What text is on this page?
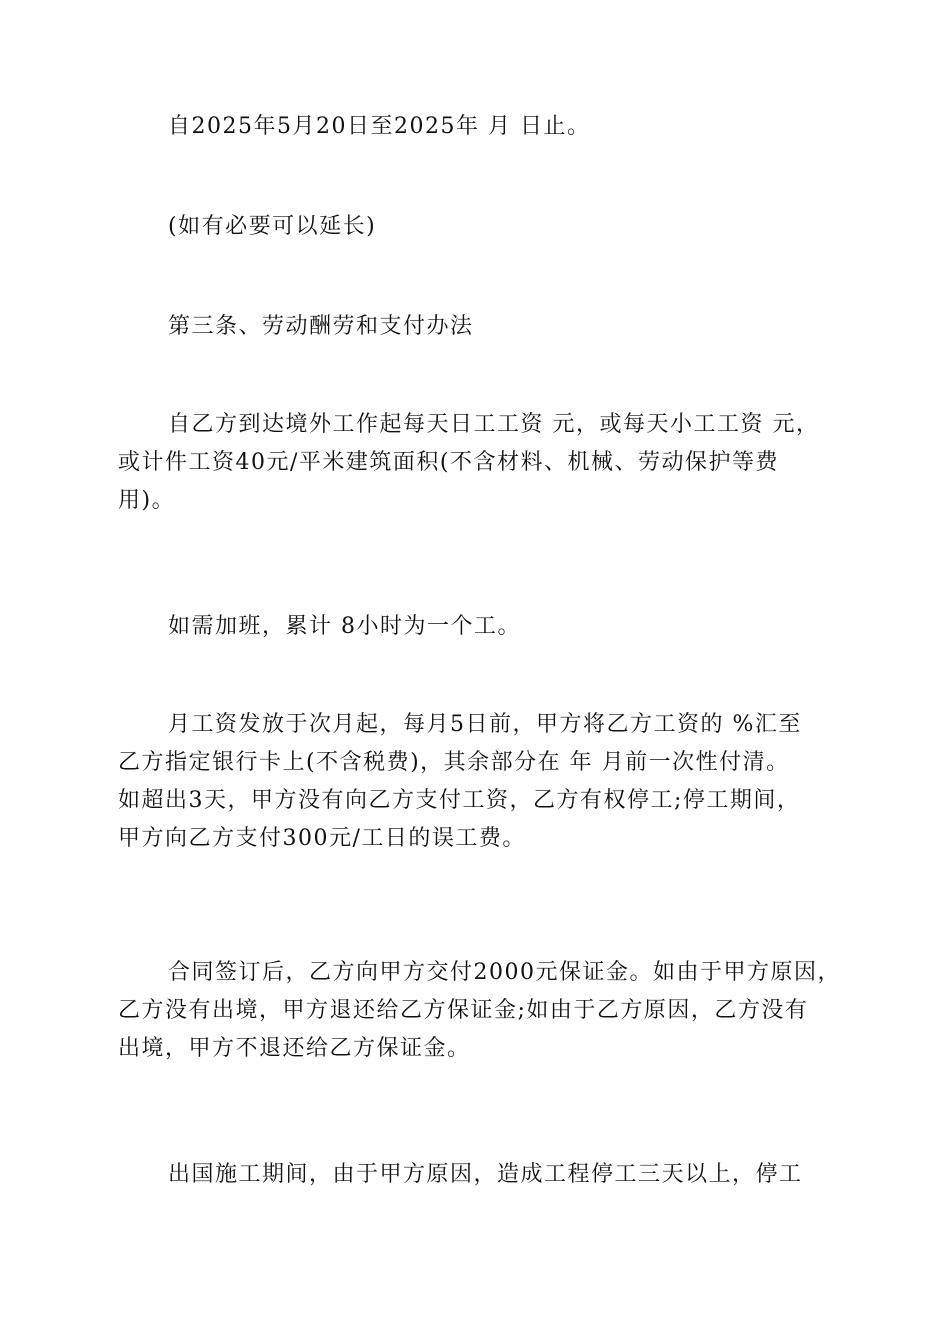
自2025年5月20日至2025年 月 日止。

(如有必要可以延长)

第三条、劳动酬劳和支付办法

自乙方到达境外工作起每天日工工资 元，或每天小工工资 元，
或计件工资40元/平米建筑面积(不含材料、机械、劳动保护等费
用)。

如需加班，累计 8小时为一个工。

月工资发放于次月起，每月5日前，甲方将乙方工资的 %汇至
乙方指定银行卡上(不含税费)，其余部分在 年 月前一次性付清。
如超出3天，甲方没有向乙方支付工资，乙方有权停工;停工期间，
甲方向乙方支付300元/工日的误工费。

合同签订后，乙方向甲方交付2000元保证金。如由于甲方原因，
乙方没有出境，甲方退还给乙方保证金;如由于乙方原因，乙方没有
出境，甲方不退还给乙方保证金。

出国施工期间，由于甲方原因，造成工程停工三天以上，停工
